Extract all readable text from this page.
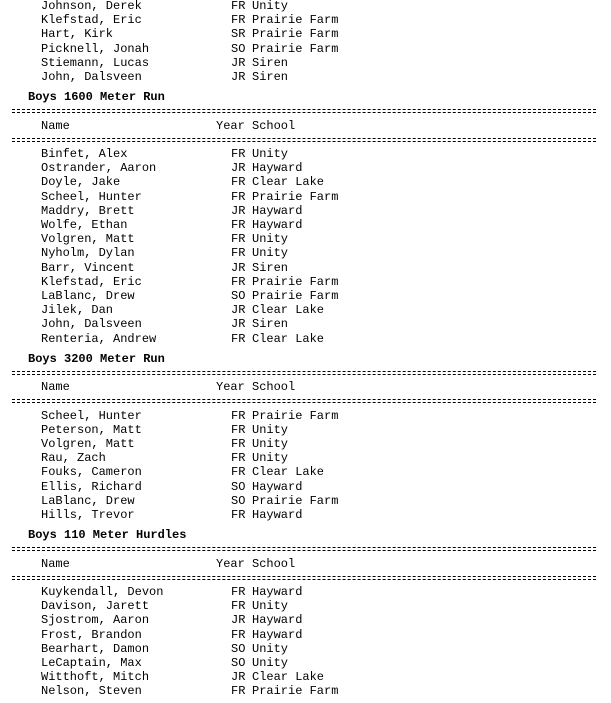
Johnson, Derek	FR Unity
Klefstad, Eric	FR Prairie Farm
Hart, Kirk	SR Prairie Farm
Picknell, Jonah	SO Prairie Farm
Stiemann, Lucas	JR Siren
John, Dalsveen	JR Siren
Boys 1600 Meter Run
Name	Year School
Binfet, Alex	FR Unity
Ostrander, Aaron	JR Hayward
Doyle, Jake	FR Clear Lake
Scheel, Hunter	FR Prairie Farm
Maddry, Brett	JR Hayward
Wolfe, Ethan	FR Hayward
Volgren, Matt	FR Unity
Nyholm, Dylan	FR Unity
Barr, Vincent	JR Siren
Klefstad, Eric	FR Prairie Farm
LaBlanc, Drew	SO Prairie Farm
Jilek, Dan	JR Clear Lake
John, Dalsveen	JR Siren
Renteria, Andrew	FR Clear Lake
Boys 3200 Meter Run
Name	Year School
Scheel, Hunter	FR Prairie Farm
Peterson, Matt	FR Unity
Volgren, Matt	FR Unity
Rau, Zach	FR Unity
Fouks, Cameron	FR Clear Lake
Ellis, Richard	SO Hayward
LaBlanc, Drew	SO Prairie Farm
Hills, Trevor	FR Hayward
Boys 110 Meter Hurdles
Name	Year School
Kuykendall, Devon	FR Hayward
Davison, Jarett	FR Unity
Sjostrom, Aaron	JR Hayward
Frost, Brandon	FR Hayward
Bearhart, Damon	SO Unity
LeCaptain, Max	SO Unity
Witthoft, Mitch	JR Clear Lake
Nelson, Steven	FR Prairie Farm
